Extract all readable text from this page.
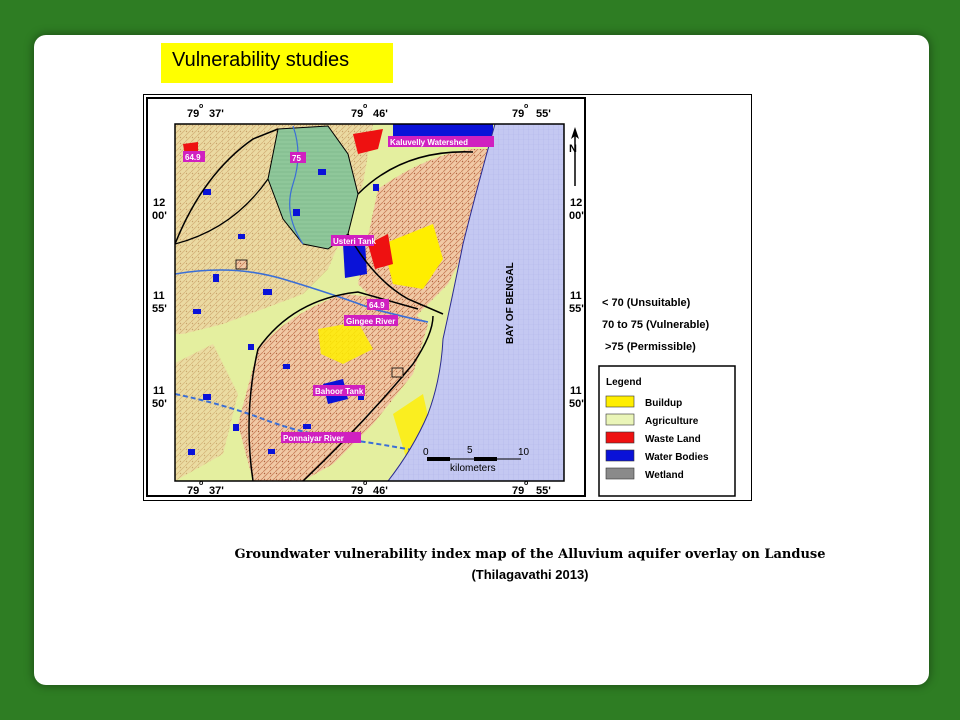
Vulnerability studies
79
o
37'	79
o
46'	79
o
55'
79
o
37'	79
o
46'	79
o
55'
12
00'
11
55'
11
50'
12
00'
11
55'
11
50'
N
BAY OF BENGAL
Kaluvelly Watershed
Usteri Tank
Gingee River
Bahoor Tank
Ponnaiyar River
64.9	75
64.9
0	5	10
kilometers
< 70 (Unsuitable)
70 to 75 (Vulnerable)
>75 (Permissible)
Legend
Buildup
Agriculture
Waste Land
Water Bodies
Wetland
Groundwater vulnerability index map of the Alluvium aquifer overlay on Landuse
(Thilagavathi 2013)
